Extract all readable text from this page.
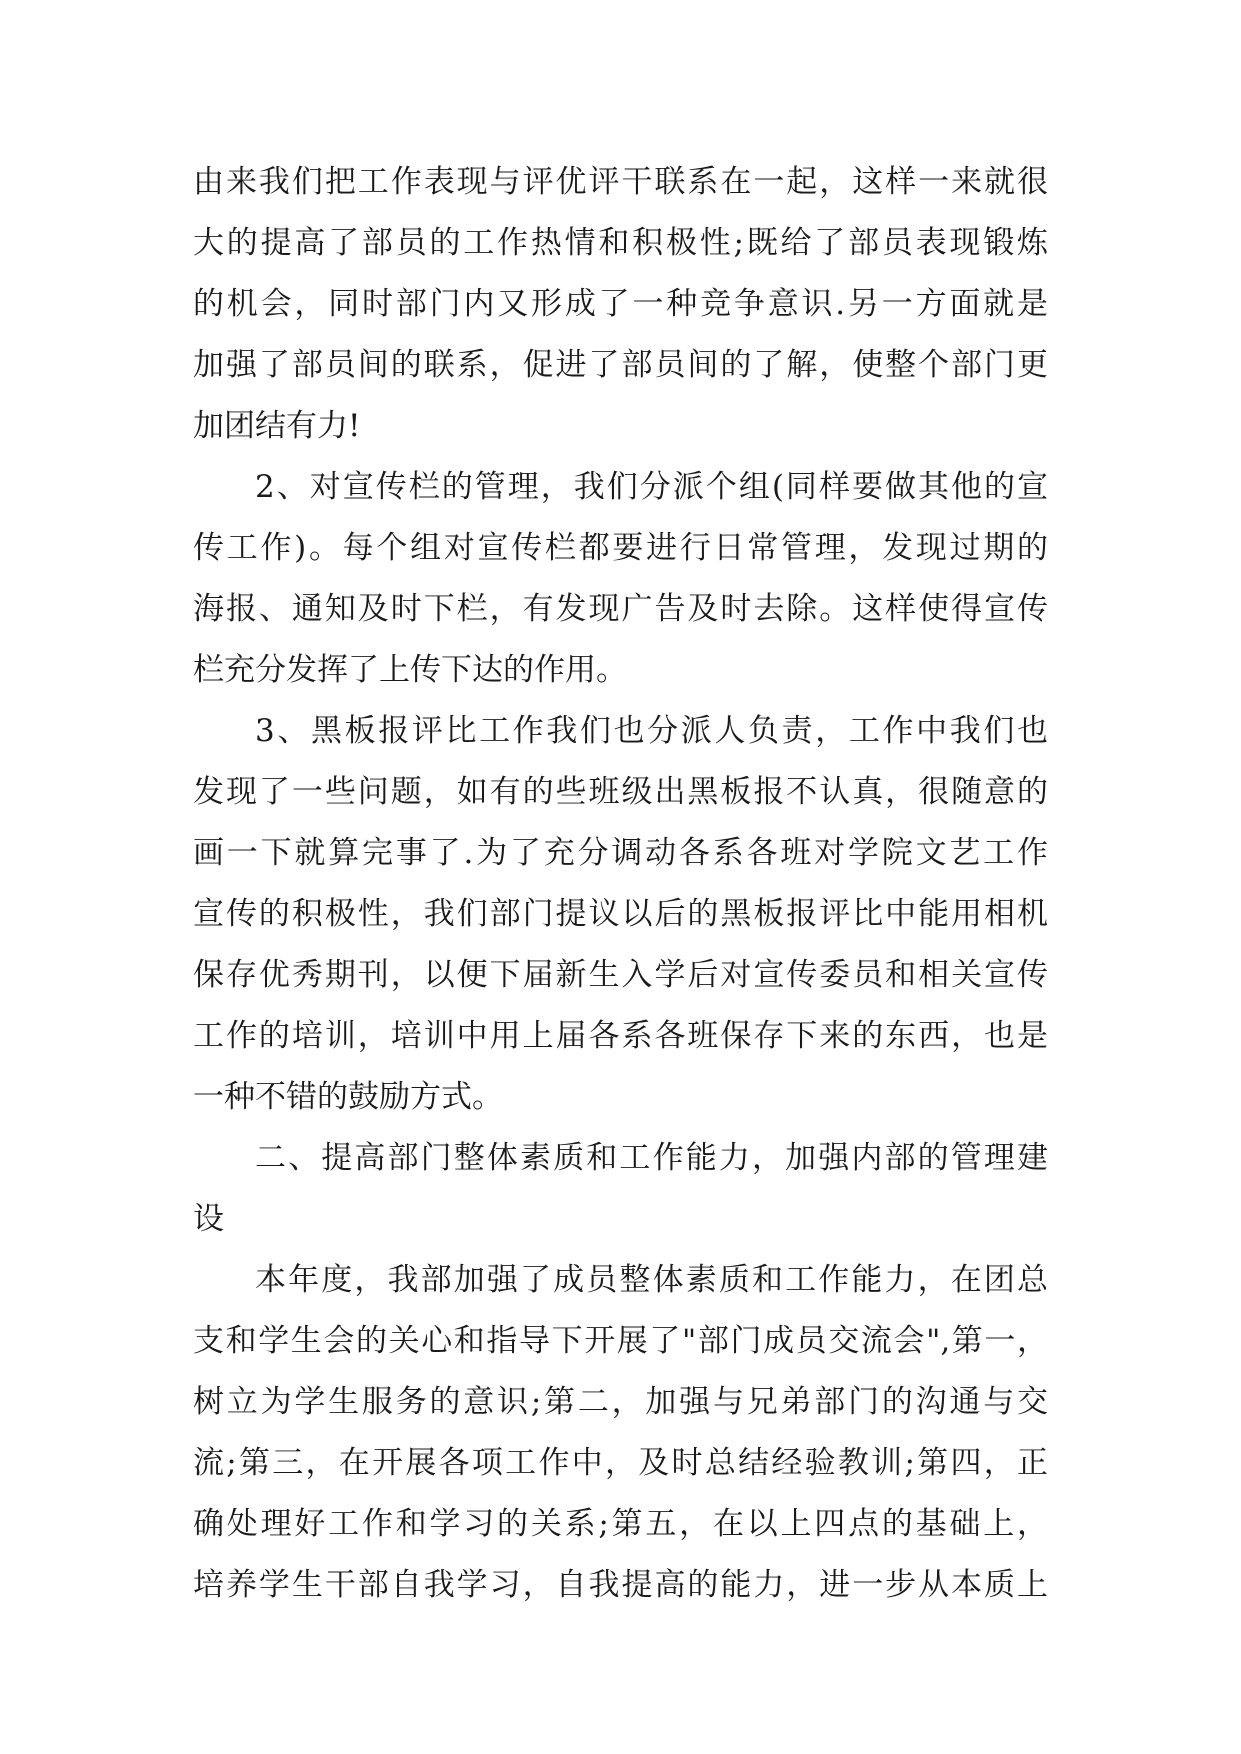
由来我们把工作表现与评优评干联系在一起，这样一来就很
大的提高了部员的工作热情和积极性;既给了部员表现锻炼
的机会，同时部门内又形成了一种竞争意识.另一方面就是
加强了部员间的联系，促进了部员间的了解，使整个部门更
加团结有力!
2、对宣传栏的管理，我们分派个组(同样要做其他的宣
传工作)。每个组对宣传栏都要进行日常管理，发现过期的
海报、通知及时下栏，有发现广告及时去除。这样使得宣传
栏充分发挥了上传下达的作用。
3、黑板报评比工作我们也分派人负责，工作中我们也
发现了一些问题，如有的些班级出黑板报不认真，很随意的
画一下就算完事了.为了充分调动各系各班对学院文艺工作
宣传的积极性，我们部门提议以后的黑板报评比中能用相机
保存优秀期刊，以便下届新生入学后对宣传委员和相关宣传
工作的培训，培训中用上届各系各班保存下来的东西，也是
一种不错的鼓励方式。
二、提高部门整体素质和工作能力，加强内部的管理建
设
本年度，我部加强了成员整体素质和工作能力，在团总
支和学生会的关心和指导下开展了"部门成员交流会",第一，
树立为学生服务的意识;第二，加强与兄弟部门的沟通与交
流;第三，在开展各项工作中，及时总结经验教训;第四，正
确处理好工作和学习的关系;第五，在以上四点的基础上，
培养学生干部自我学习，自我提高的能力，进一步从本质上
